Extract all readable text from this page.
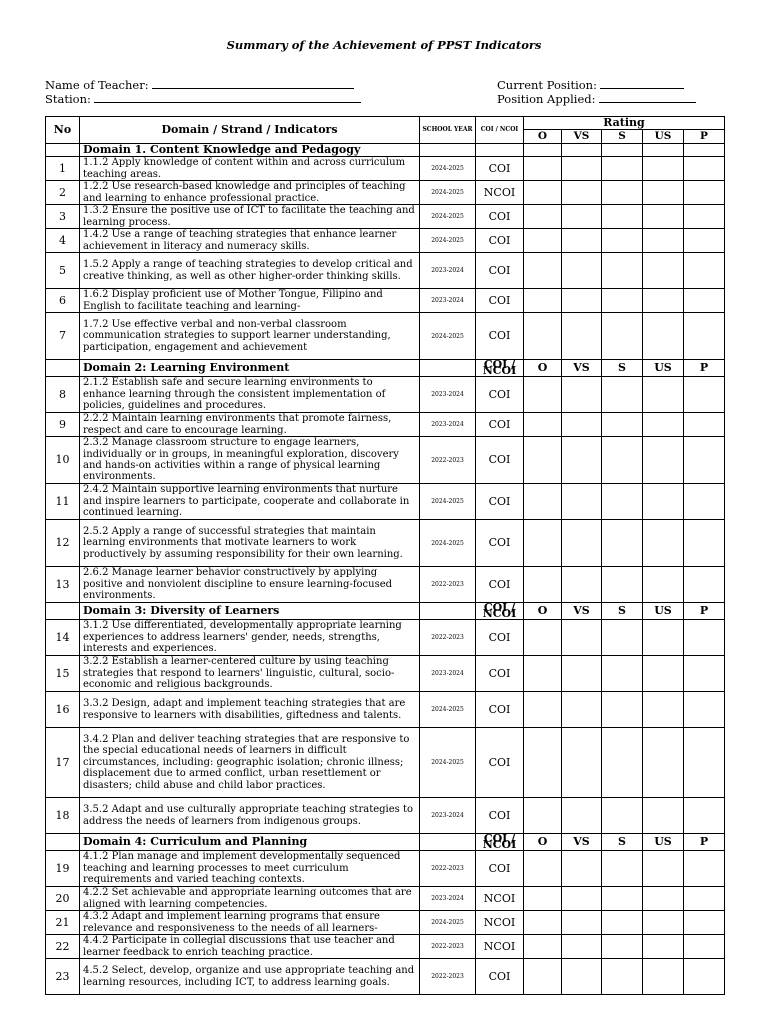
Summary of the Achievement of PPST Indicators
Name of Teacher:
Station:
Current Position:
Position Applied:
No	Domain / Strand / Indicators	SCHOOL YEAR	COI / NCOI	Rating				
				O	VS	S	US	P
	Domain 1. Content Knowledge and Pedagogy							
1	1.1.2 Apply knowledge of content within and across curriculum teaching areas.	2024-2025	COI					
2	1.2.2 Use research-based knowledge and principles of teaching and learning to enhance professional practice.	2024-2025	NCOI					
3	1.3.2 Ensure the positive use of ICT to facilitate the teaching and learning process.	2024-2025	COI					
4	1.4.2 Use a range of teaching strategies that enhance learner achievement in literacy and numeracy skills.	2024-2025	COI					
5	1.5.2 Apply a range of teaching strategies to develop critical and creative thinking, as well as other higher-order thinking skills.	2023-2024	COI					
6	1.6.2 Display proficient use of Mother Tongue, Filipino and English to facilitate teaching and learning-	2023-2024	COI					
7	1.7.2 Use effective verbal and non-verbal classroom communication strategies to support learner understanding, participation, engagement and achievement	2024-2025	COI					
	Domain 2: Learning Environment		COI / NCOI	O	VS	S	US	P
8	2.1.2 Establish safe and secure learning environments to enhance learning through the consistent implementation of policies, guidelines and procedures.	2023-2024	COI					
9	2.2.2 Maintain learning environments that promote fairness, respect and care to encourage learning.	2023-2024	COI					
10	2.3.2 Manage classroom structure to engage learners, individually or in groups, in meaningful exploration, discovery and hands-on activities within a range of physical learning environments.	2022-2023	COI					
11	2.4.2 Maintain supportive learning environments that nurture and inspire learners to participate, cooperate and collaborate in continued learning.	2024-2025	COI					
12	2.5.2 Apply a range of successful strategies that maintain learning environments that motivate learners to work productively by assuming responsibility for their own learning.	2024-2025	COI					
13	2.6.2 Manage learner behavior constructively by applying positive and nonviolent discipline to ensure learning-focused environments.	2022-2023	COI					
	Domain 3: Diversity of Learners		COI / NCOI	O	VS	S	US	P
14	3.1.2 Use differentiated, developmentally appropriate learning experiences to address learners' gender, needs, strengths, interests and experiences.	2022-2023	COI					
15	3.2.2 Establish a learner-centered culture by using teaching strategies that respond to learners' linguistic, cultural, socio-economic and religious backgrounds.	2023-2024	COI					
16	3.3.2 Design, adapt and implement teaching strategies that are responsive to learners with disabilities, giftedness and talents.	2024-2025	COI					
17	3.4.2 Plan and deliver teaching strategies that are responsive to the special educational needs of learners in difficult circumstances, including: geographic isolation; chronic illness; displacement due to armed conflict, urban resettlement or disasters; child abuse and child labor practices.	2024-2025	COI					
18	3.5.2 Adapt and use culturally appropriate teaching strategies to address the needs of learners from indigenous groups.	2023-2024	COI					
	Domain 4: Curriculum and Planning		COI / NCOI	O	VS	S	US	P
19	4.1.2 Plan manage and implement developmentally sequenced teaching and learning processes to meet curriculum requirements and varied teaching contexts.	2022-2023	COI					
20	4.2.2 Set achievable and appropriate learning outcomes that are aligned with learning competencies.	2023-2024	NCOI					
21	4.3.2 Adapt and implement learning programs that ensure relevance and responsiveness to the needs of all learners-	2024-2025	NCOI					
22	4.4.2 Participate in collegial discussions that use teacher and learner feedback to enrich teaching practice.	2022-2023	NCOI					
23	4.5.2 Select, develop, organize and use appropriate teaching and learning resources, including ICT, to address learning goals.	2022-2023	COI					
